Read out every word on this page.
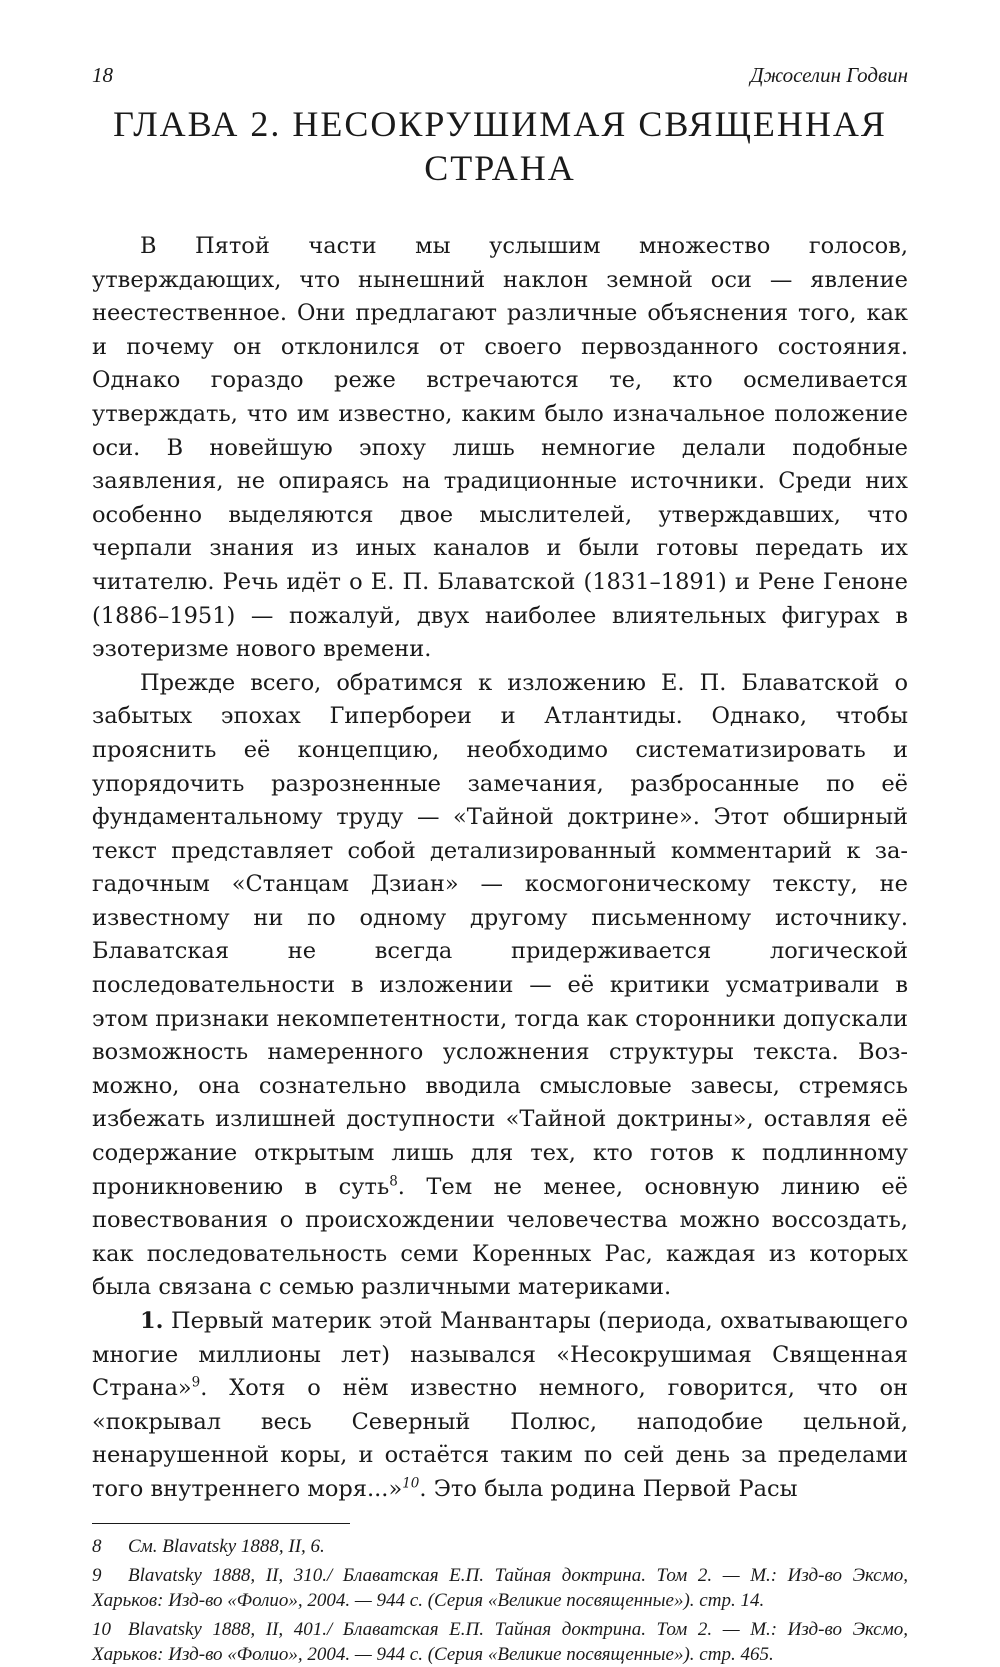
18	Джоселин Годвин
ГЛАВА 2. НЕСОКРУШИМАЯ СВЯЩЕННАЯ СТРАНА

В Пятой части мы услышим множество голосов, утверждающих, что нынешний наклон земной оси — явление неестественное. Они предлагают различные объяснения того, как и почему он отклонился от своего первозданного состояния. Однако гораздо реже встречаются те, кто осмеливается утверждать, что им известно, каким было изначальное положение оси. В новейшую эпоху лишь немногие делали подобные заявления, не опираясь на традиционные источники. Среди них особенно выделяются двое мыслителей, утверждавших, что черпали знания из иных каналов и были готовы передать их читателю. Речь идёт о Е. П. Блаватской (1831–1891) и Рене Геноне (1886–1951) — пожалуй, двух наиболее влиятельных фигурах в эзотеризме нового времени.

Прежде всего, обратимся к изложению Е. П. Блаватской о забытых эпохах Гипербореи и Атлантиды. Однако, чтобы прояснить её концепцию, необходимо систематизировать и упорядочить разрозненные замечания, разбросанные по её фундаментальному труду — «Тайной доктрине». Этот обширный текст представляет собой детализированный комментарий к загадочным «Станцам Дзиан» — космогоническому тексту, не известному ни по одному другому письменному источнику. Блаватская не всегда придерживается логической последовательности в изложении — её критики усматривали в этом признаки некомпетентности, тогда как сторонники допускали возможность намеренного усложнения структуры текста. Возможно, она сознательно вводила смысловые завесы, стремясь избежать излишней доступности «Тайной доктрины», оставляя её содержание открытым лишь для тех, кто готов к подлинному проникновению в суть$^8$. Тем не менее, основную линию её повествования о происхождении человечества можно воссоздать, как последовательность семи Коренных Рас, каждая из которых была связана с семью различными материками.

1. Первый материк этой Манвантары (периода, охватывающего многие миллионы лет) назывался «Несокрушимая Священная Страна»$^9$. Хотя о нём известно немного, говорится, что он «покрывал весь Северный Полюс, наподобие цельной, ненарушенной коры, и остаётся таким по сей день за пределами того внутреннего моря...»$^{10}$. Это была родина Первой Расы

8 См. Blavatsky 1888, II, 6.

9 Blavatsky 1888, II, 310./ Блаватская Е.П. Тайная доктрина. Том 2. — М.: Изд-во Эксмо, Харьков: Изд-во «Фолио», 2004. — 944 с. (Серия «Великие посвященные»). стр. 14.

10 Blavatsky 1888, II, 401./ Блаватская Е.П. Тайная доктрина. Том 2. — М.: Изд-во Эксмо, Харьков: Изд-во «Фолио», 2004. — 944 с. (Серия «Великие посвященные»). стр. 465.
